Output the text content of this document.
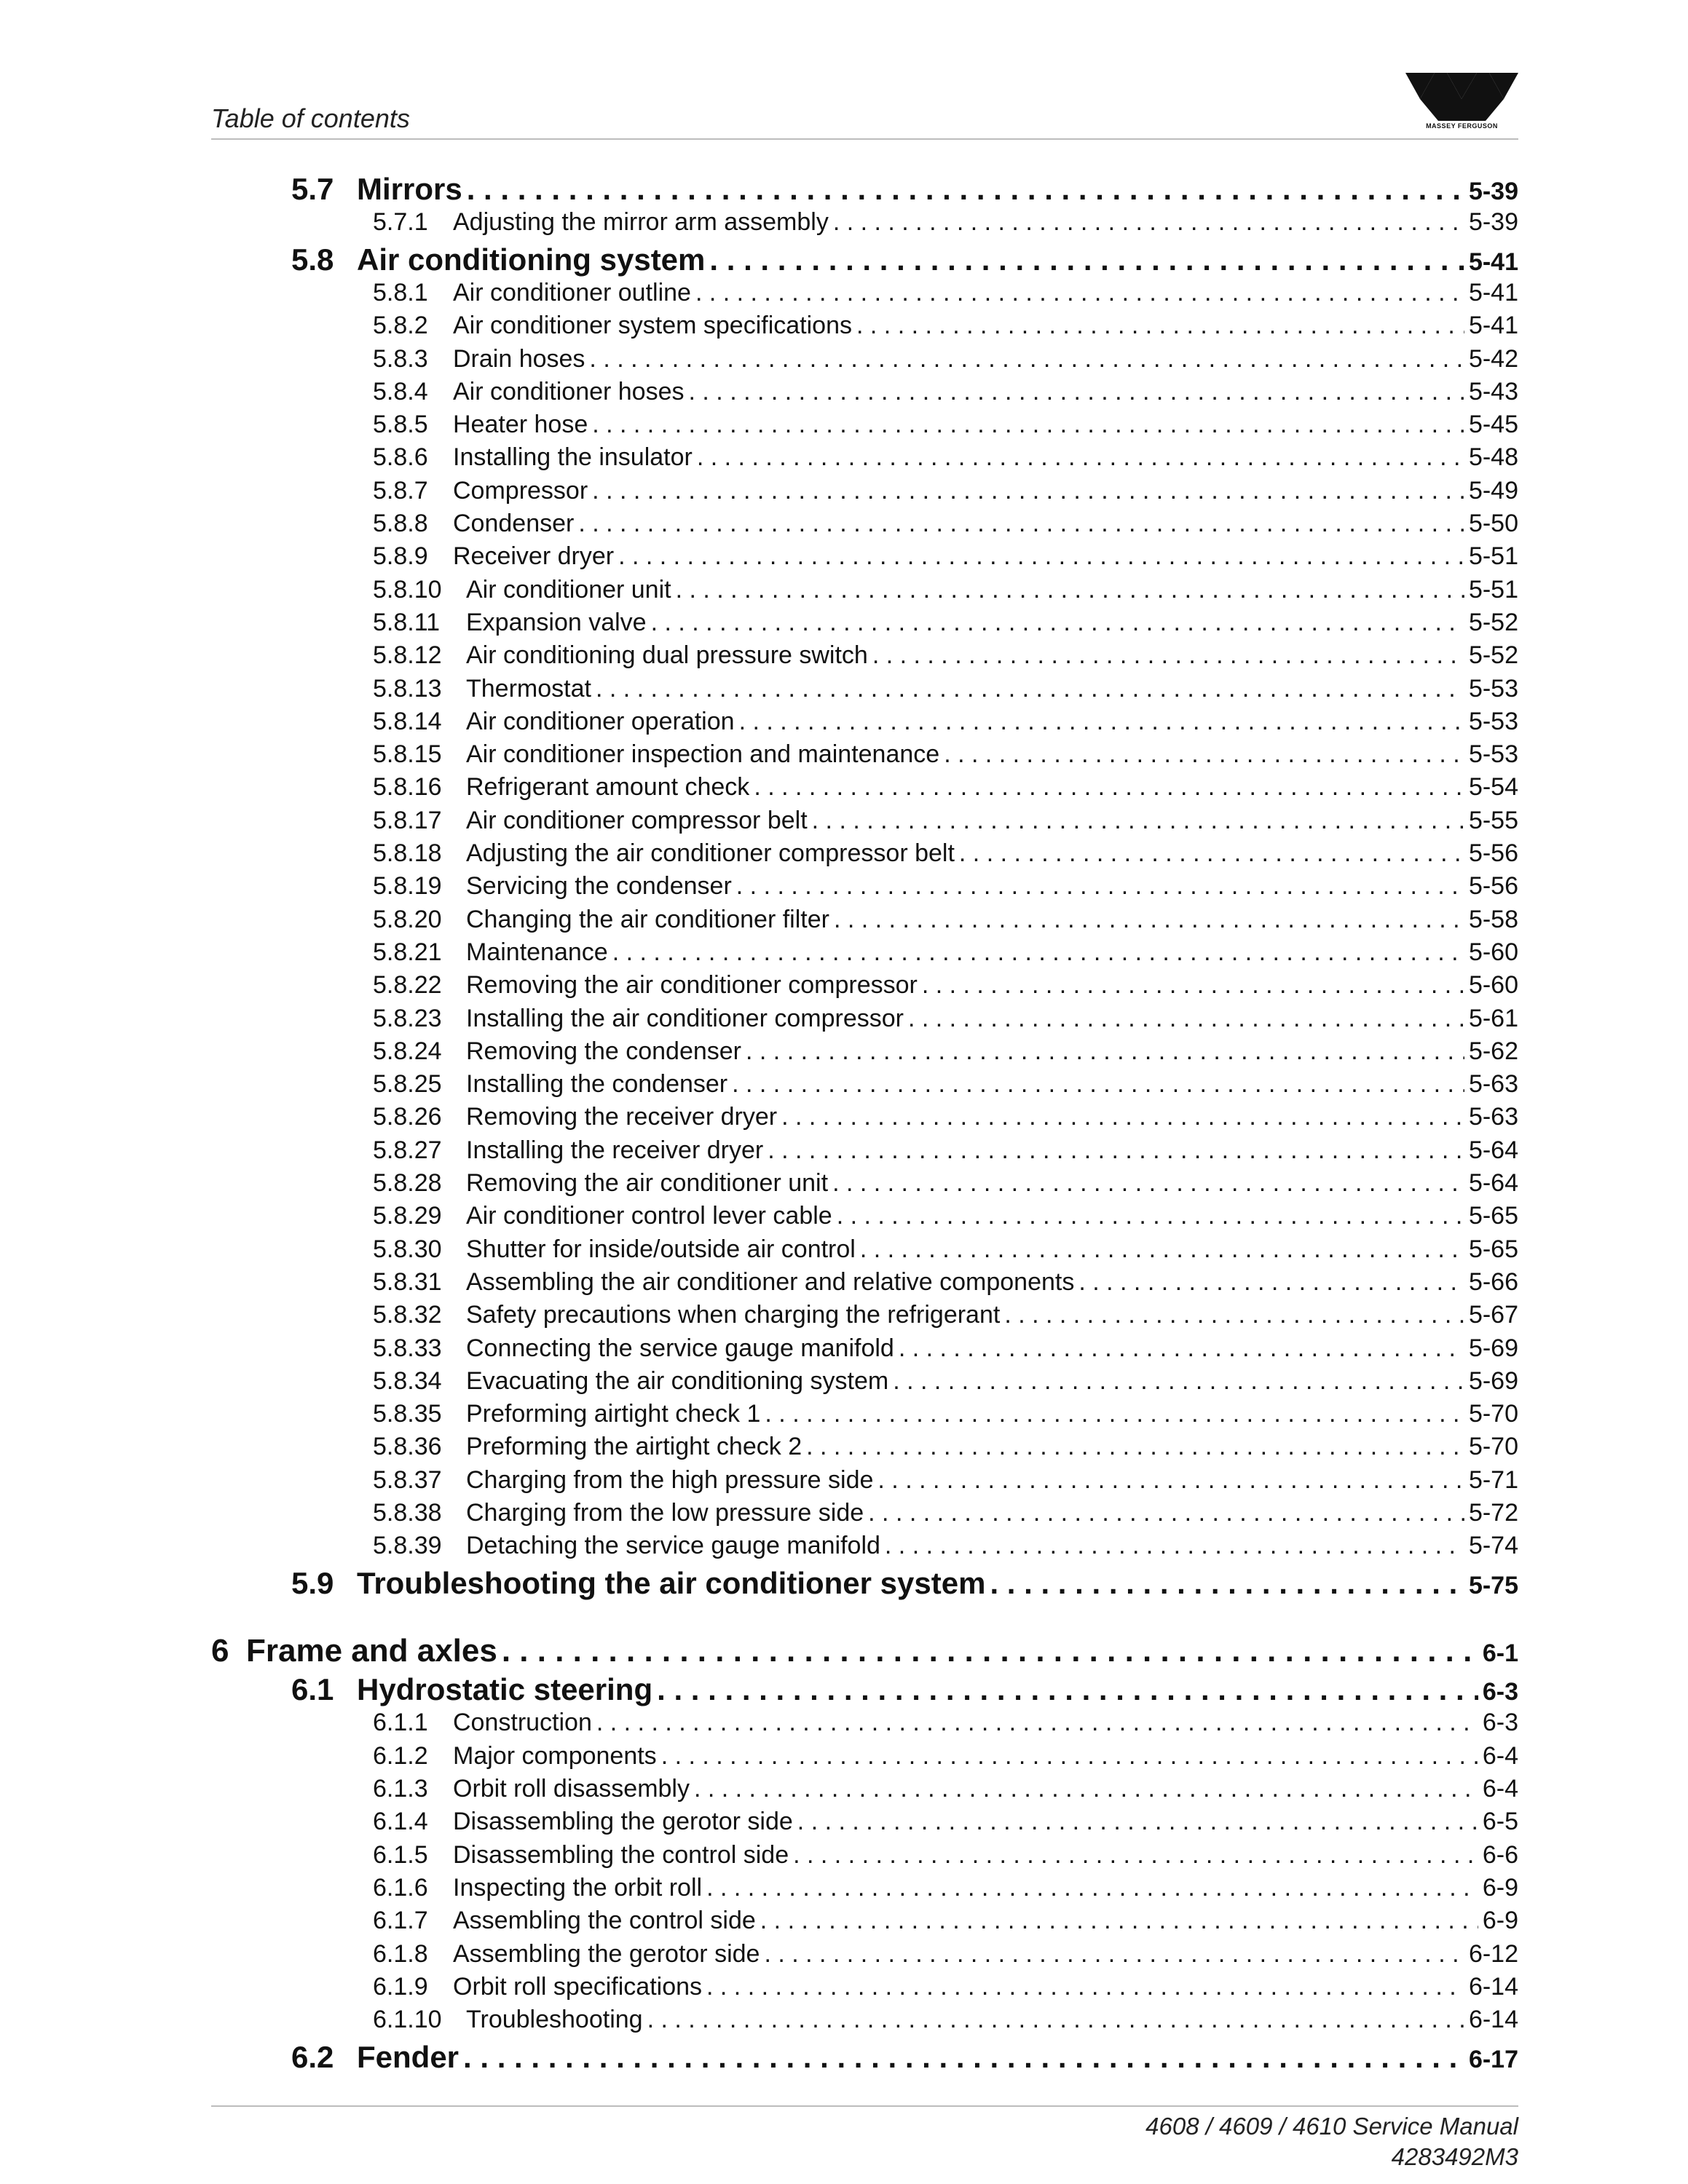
Table of contents	MASSEY FERGUSON
5.7 Mirrors . . .	5-39
5.7.1	Adjusting the mirror arm assembly . . .	5-39
5.8 Air conditioning system . . .	5-41
5.8.1	Air conditioner outline . . .	5-41
5.8.2	Air conditioner system specifications . . .	5-41
5.8.3	Drain hoses . . .	5-42
5.8.4	Air conditioner hoses . . .	5-43
5.8.5	Heater hose . . .	5-45
5.8.6	Installing the insulator . . .	5-48
5.8.7	Compressor . . .	5-49
5.8.8	Condenser . . .	5-50
5.8.9	Receiver dryer . . .	5-51
5.8.10 Air conditioner unit . . .	5-51
5.8.11	Expansion valve . . .	5-52
5.8.12 Air conditioning dual pressure switch . . .	5-52
5.8.13 Thermostat . . .	5-53
5.8.14 Air conditioner operation . . .	5-53
5.8.15 Air conditioner inspection and maintenance . . .	5-53
5.8.16 Refrigerant amount check . . .	5-54
5.8.17 Air conditioner compressor belt . . .	5-55
5.8.18 Adjusting the air conditioner compressor belt . . .	5-56
5.8.19 Servicing the condenser . . .	5-56
5.8.20 Changing the air conditioner filter . . .	5-58
5.8.21 Maintenance . . .	5-60
5.8.22 Removing the air conditioner compressor . . .	5-60
5.8.23 Installing the air conditioner compressor . . .	5-61
5.8.24 Removing the condenser . . .	5-62
5.8.25 Installing the condenser . . .	5-63
5.8.26 Removing the receiver dryer . . .	5-63
5.8.27 Installing the receiver dryer . . .	5-64
5.8.28 Removing the air conditioner unit . . .	5-64
5.8.29 Air conditioner control lever cable . . .	5-65
5.8.30 Shutter for inside/outside air control . . .	5-65
5.8.31 Assembling the air conditioner and relative components . . .	5-66
5.8.32 Safety precautions when charging the refrigerant . . .	5-67
5.8.33 Connecting the service gauge manifold . . .	5-69
5.8.34 Evacuating the air conditioning system . . .	5-69
5.8.35 Preforming airtight check 1 . . .	5-70
5.8.36 Preforming the airtight check 2 . . .	5-70
5.8.37 Charging from the high pressure side . . .	5-71
5.8.38 Charging from the low pressure side . . .	5-72
5.8.39 Detaching the service gauge manifold . . .	5-74
5.9 Troubleshooting the air conditioner system . . .	5-75
6 Frame and axles . . .	6-1
6.1 Hydrostatic steering . . .	6-3
6.1.1	Construction . . .	6-3
6.1.2	Major components . . .	6-4
6.1.3	Orbit roll disassembly . . .	6-4
6.1.4	Disassembling the gerotor side . . .	6-5
6.1.5	Disassembling the control side . . .	6-6
6.1.6	Inspecting the orbit roll . . .	6-9
6.1.7	Assembling the control side . . .	6-9
6.1.8	Assembling the gerotor side . . .	6-12
6.1.9	Orbit roll specifications . . .	6-14
6.1.10 Troubleshooting . . .	6-14
6.2 Fender . . .	6-17
4608 / 4609 / 4610 Service Manual
4283492M3
